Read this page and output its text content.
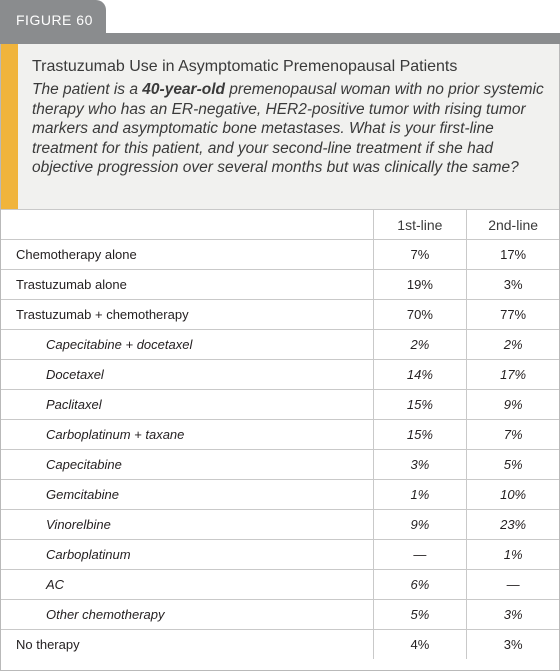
FIGURE 60
Trastuzumab Use in Asymptomatic Premenopausal Patients
The patient is a 40-year-old premenopausal woman with no prior systemic therapy who has an ER-negative, HER2-positive tumor with rising tumor markers and asymptomatic bone metastases. What is your first-line treatment for this patient, and your second-line treatment if she had objective progression over several months but was clinically the same?
	1st-line	2nd-line
Chemotherapy alone	7%	17%
Trastuzumab alone	19%	3%
Trastuzumab + chemotherapy	70%	77%
Capecitabine + docetaxel	2%	2%
Docetaxel	14%	17%
Paclitaxel	15%	9%
Carboplatinum + taxane	15%	7%
Capecitabine	3%	5%
Gemcitabine	1%	10%
Vinorelbine	9%	23%
Carboplatinum	—	1%
AC	6%	—
Other chemotherapy	5%	3%
No therapy	4%	3%
